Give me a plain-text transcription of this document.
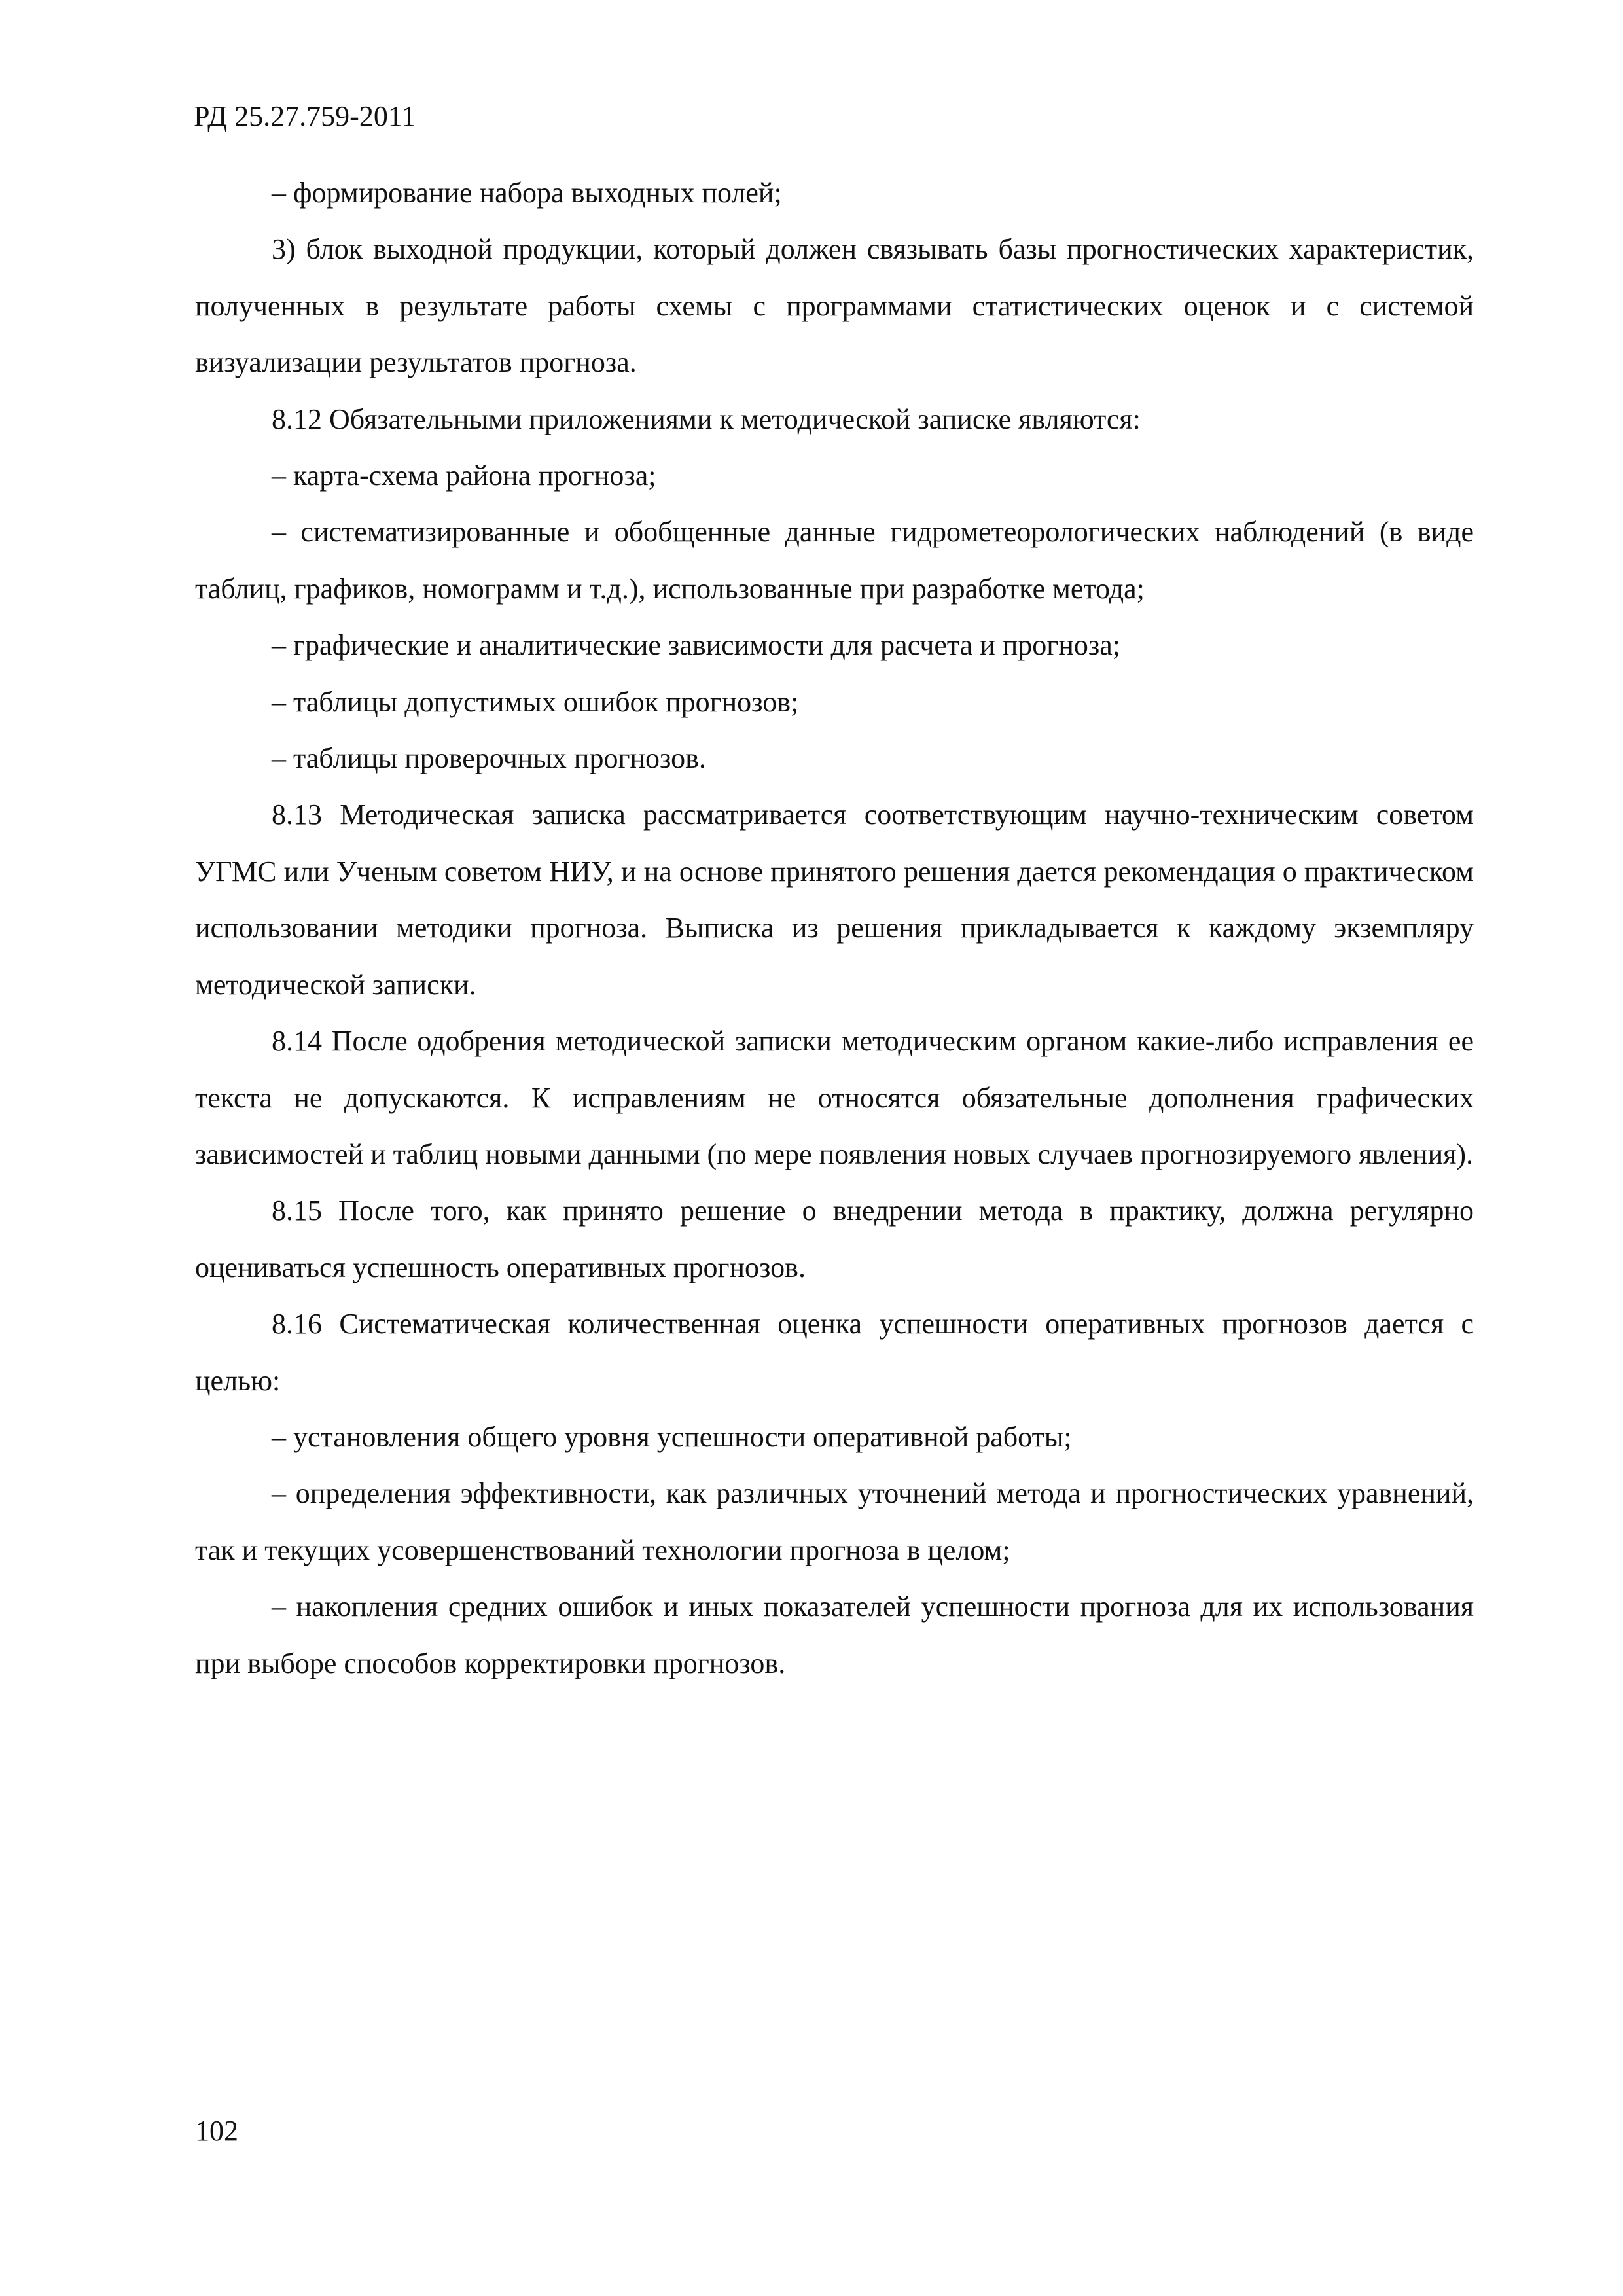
РД 25.27.759-2011

– формирование набора выходных полей;

3) блок выходной продукции, который должен связывать базы прогностических характеристик, полученных в результате работы схемы с программами статистических оценок и с системой визуализации результатов прогноза.

8.12 Обязательными приложениями к методической записке являются:

– карта-схема района прогноза;

– систематизированные и обобщенные данные гидрометеорологических наблюдений (в виде таблиц, графиков, номограмм и т.д.), использованные при разработке метода;

– графические и аналитические зависимости для расчета и прогноза;

– таблицы допустимых ошибок прогнозов;

– таблицы проверочных прогнозов.

8.13 Методическая записка рассматривается соответствующим научно-техническим советом УГМС или Ученым советом НИУ, и на основе принятого решения дается рекомендация о практическом использовании методики прогноза. Выписка из решения прикладывается к каждому экземпляру методической записки.

8.14 После одобрения методической записки методическим органом какие-либо исправления ее текста не допускаются. К исправлениям не относятся обязательные дополнения графических зависимостей и таблиц новыми данными (по мере появления новых случаев прогнозируемого явления).

8.15 После того, как принято решение о внедрении метода в практику, должна регулярно оцениваться успешность оперативных прогнозов.

8.16 Систематическая количественная оценка успешности оперативных прогнозов дается с целью:

– установления общего уровня успешности оперативной работы;

– определения эффективности, как различных уточнений метода и прогностических уравнений, так и текущих усовершенствований технологии прогноза в целом;

– накопления средних ошибок и иных показателей успешности прогноза для их использования при выборе способов корректировки прогнозов.

102
